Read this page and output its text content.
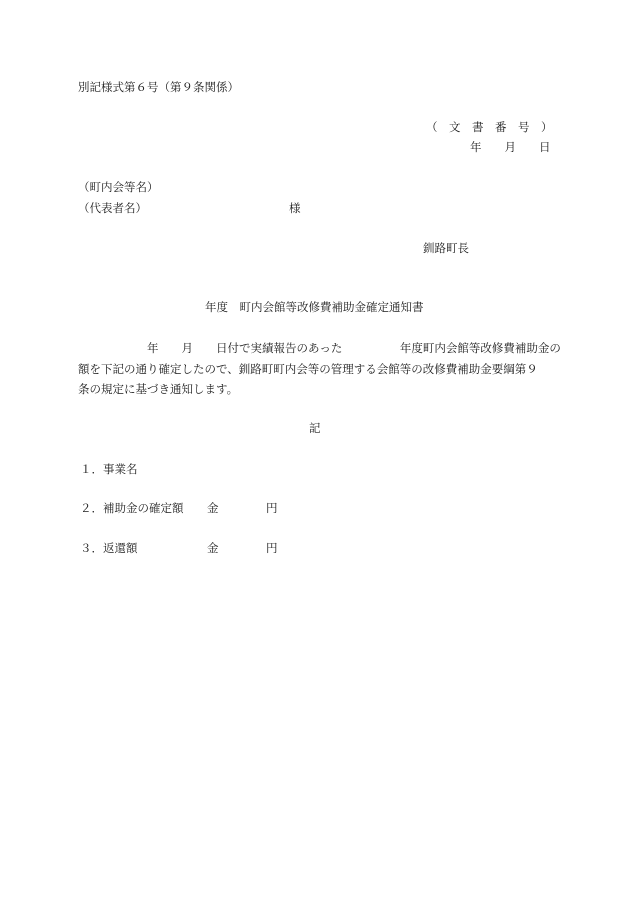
別記様式第６号（第９条関係）
（　文　書　番　号　）
年　　月　　日
（町内会等名）
（代表者名）	様
釧路町長
年度　町内会館等改修費補助金確定通知書
　　　　　　年　　月　　日付で実績報告のあった　　　　　年度町内会館等改修費補助金の
額を下記の通り確定したので、釧路町町内会等の管理する会館等の改修費補助金要綱第９
条の規定に基づき通知します。
記
１．事業名
２．補助金の確定額 金	円
３．返還額	金	円
